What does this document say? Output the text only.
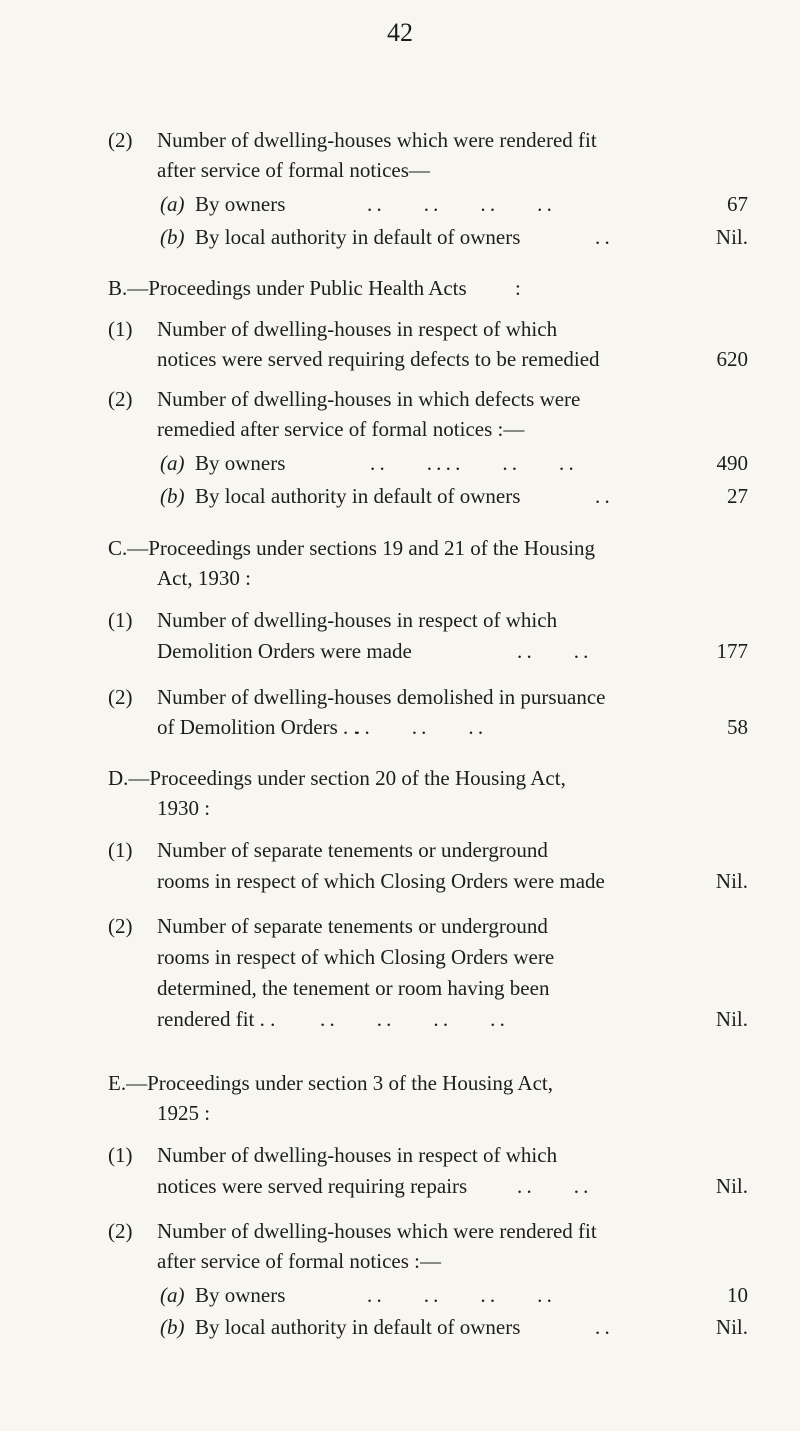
42
(2)	Number of dwelling-houses which were rendered fit
after service of formal notices—
(a) By owners	67
(b) By local authority in default of owners	Nil.
B.—Proceedings under Public Health Acts	:
(1)	Number of dwelling-houses in respect of which
notices were served requiring defects to be remedied	620
(2)	Number of dwelling-houses in which defects were
remedied after service of formal notices :—
(a) By owners	490
(b) By local authority in default of owners	27
C.—Proceedings under sections 19 and 21 of the Housing
Act, 1930 :
(1)	Number of dwelling-houses in respect of which
Demolition Orders were made	177
(2)	Number of dwelling-houses demolished in pursuance
of Demolition Orders . .	58
D.—Proceedings under section 20 of the Housing Act,
1930 :
(1)	Number of separate tenements or underground
rooms in respect of which Closing Orders were made	Nil.
(2)	Number of separate tenements or underground
rooms in respect of which Closing Orders were
determined, the tenement or room having been
rendered fit . .	Nil.
E.—Proceedings under section 3 of the Housing Act,
1925 :
(1)	Number of dwelling-houses in respect of which
notices were served requiring repairs	Nil.
(2)	Number of dwelling-houses which were rendered fit
after service of formal notices :—
(a) By owners	10
(b) By local authority in default of owners	Nil.
. .  . .  . .  . .
. .
. .  . . . .  . .  . .
. .
. .  . .
. .  . .  . .
. .  . .  . .  . .
. .  . .
. .  . .  . .  . .
. .
